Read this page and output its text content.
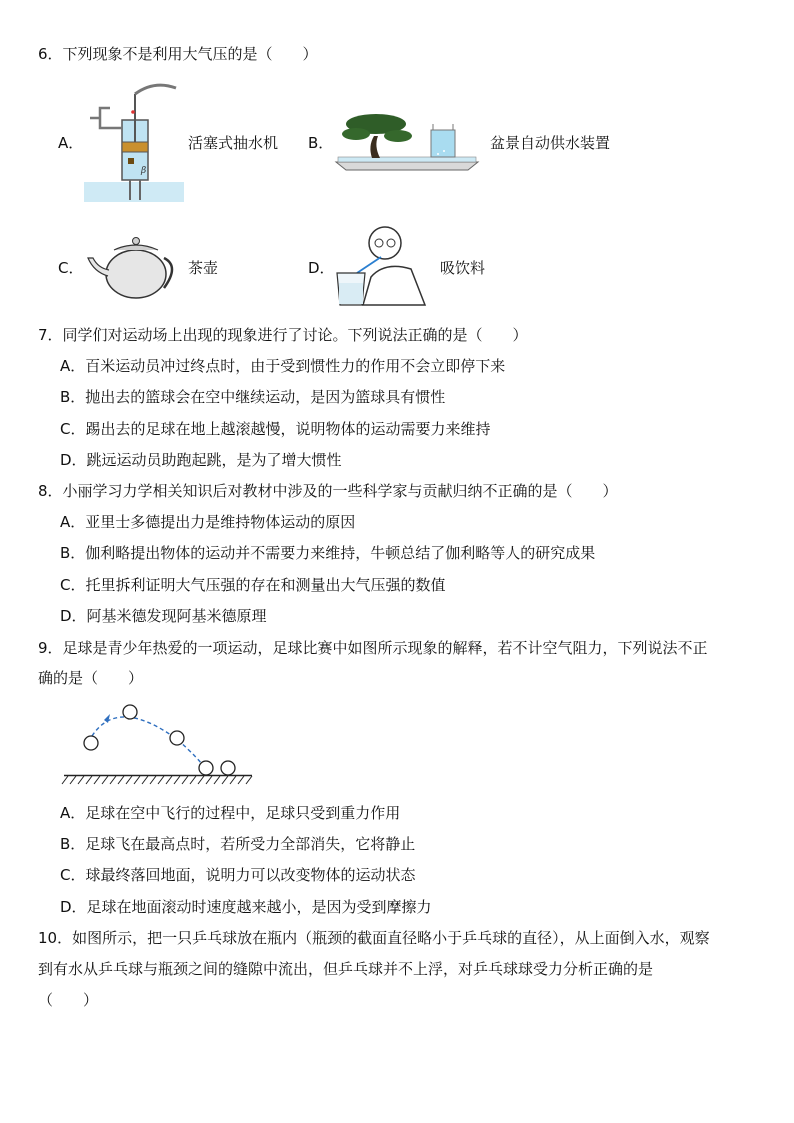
6．下列现象不是利用大气压的是（　　）
A．
β
活塞式抽水机 B．	盆景自动供水装置
C．	茶壶	D．	吸饮料
7．同学们对运动场上出现的现象进行了讨论。下列说法正确的是（　　）
A．百米运动员冲过终点时，由于受到惯性力的作用不会立即停下来
B．抛出去的篮球会在空中继续运动，是因为篮球具有惯性
C．踢出去的足球在地上越滚越慢，说明物体的运动需要力来维持
D．跳远运动员助跑起跳，是为了增大惯性
8．小丽学习力学相关知识后对教材中涉及的一些科学家与贡献归纳不正确的是（　　）
A．亚里士多德提出力是维持物体运动的原因
B．伽利略提出物体的运动并不需要力来维持，牛顿总结了伽利略等人的研究成果
C．托里拆利证明大气压强的存在和测量出大气压强的数值
D．阿基米德发现阿基米德原理
9．足球是青少年热爱的一项运动，足球比赛中如图所示现象的解释，若不计空气阻力，下列说法不正
确的是（　　）
A．足球在空中飞行的过程中，足球只受到重力作用
B．足球飞在最高点时，若所受力全部消失，它将静止
C．球最终落回地面，说明力可以改变物体的运动状态
D．足球在地面滚动时速度越来越小，是因为受到摩擦力
10．如图所示，把一只乒乓球放在瓶内（瓶颈的截面直径略小于乒乓球的直径），从上面倒入水，观察
到有水从乒乓球与瓶颈之间的缝隙中流出，但乒乓球并不上浮，对乒乓球球受力分析正确的是
（　　）
